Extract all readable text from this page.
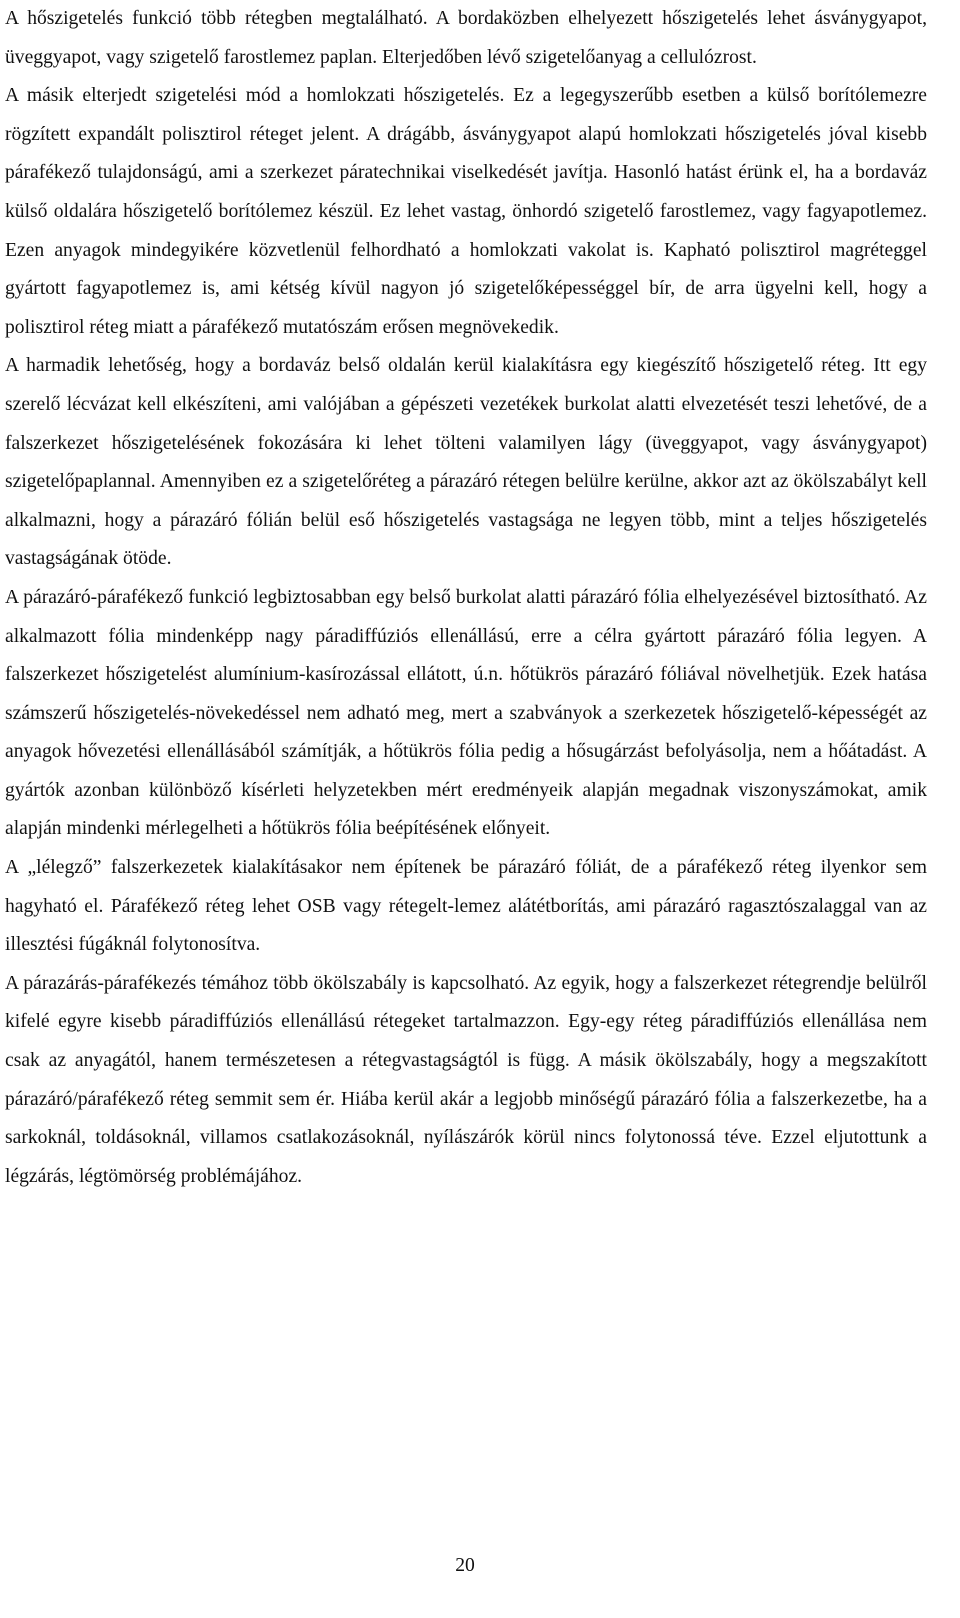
A hőszigetelés funkció több rétegben megtalálható. A bordaközben elhelyezett hőszigetelés lehet ásványgyapot, üveggyapot, vagy szigetelő farostlemez paplan. Elterjedőben lévő szigetelőanyag a cellulózrost.

A másik elterjedt szigetelési mód a homlokzati hőszigetelés. Ez a legegyszerűbb esetben a külső borítólemezre rögzített expandált polisztirol réteget jelent. A drágább, ásványgyapot alapú homlokzati hőszigetelés jóval kisebb párafékező tulajdonságú, ami a szerkezet páratechnikai viselkedését javítja. Hasonló hatást érünk el, ha a bordaváz külső oldalára hőszigetelő borítólemez készül. Ez lehet vastag, önhordó szigetelő farostlemez, vagy fagyapotlemez. Ezen anyagok mindegyikére közvetlenül felhordható a homlokzati vakolat is. Kapható polisztirol magréteggel gyártott fagyapotlemez is, ami kétség kívül nagyon jó szigetelőképességgel bír, de arra ügyelni kell, hogy a polisztirol réteg miatt a párafékező mutatószám erősen megnövekedik.

A harmadik lehetőség, hogy a bordaváz belső oldalán kerül kialakításra egy kiegészítő hőszigetelő réteg. Itt egy szerelő lécvázat kell elkészíteni, ami valójában a gépészeti vezetékek burkolat alatti elvezetését teszi lehetővé, de a falszerkezet hőszigetelésének fokozására ki lehet tölteni valamilyen lágy (üveggyapot, vagy ásványgyapot) szigetelőpaplannal. Amennyiben ez a szigetelőréteg a párazáró rétegen belülre kerülne, akkor azt az ökölszabályt kell alkalmazni, hogy a párazáró fólián belül eső hőszigetelés vastagsága ne legyen több, mint a teljes hőszigetelés vastagságának ötöde.

A párazáró-párafékező funkció legbiztosabban egy belső burkolat alatti párazáró fólia elhelyezésével biztosítható. Az alkalmazott fólia mindenképp nagy páradiffúziós ellenállású, erre a célra gyártott párazáró fólia legyen. A falszerkezet hőszigetelést alumínium-kasírozással ellátott, ú.n. hőtükrös párazáró fóliával növelhetjük. Ezek hatása számszerű hőszigetelés-növekedéssel nem adható meg, mert a szabványok a szerkezetek hőszigetelő-képességét az anyagok hővezetési ellenállásából számítják, a hőtükrös fólia pedig a hősugárzást befolyásolja, nem a hőátadást. A gyártók azonban különböző kísérleti helyzetekben mért eredményeik alapján megadnak viszonyszámokat, amik alapján mindenki mérlegelheti a hőtükrös fólia beépítésének előnyeit.

A „lélegző” falszerkezetek kialakításakor nem építenek be párazáró fóliát, de a párafékező réteg ilyenkor sem hagyható el. Párafékező réteg lehet OSB vagy rétegelt-lemez alátétborítás, ami párazáró ragasztószalaggal van az illesztési fúgáknál folytonosítva.

A párazárás-párafékezés témához több ökölszabály is kapcsolható. Az egyik, hogy a falszerkezet rétegrendje belülről kifelé egyre kisebb páradiffúziós ellenállású rétegeket tartalmazzon. Egy-egy réteg páradiffúziós ellenállása nem csak az anyagától, hanem természetesen a rétegvastagságtól is függ. A másik ökölszabály, hogy a megszakított párazáró/párafékező réteg semmit sem ér. Hiába kerül akár a legjobb minőségű párazáró fólia a falszerkezetbe, ha a sarkoknál, toldásoknál, villamos csatlakozásoknál, nyílászárók körül nincs folytonossá téve. Ezzel eljutottunk a légzárás, légtömörség problémájához.

20
